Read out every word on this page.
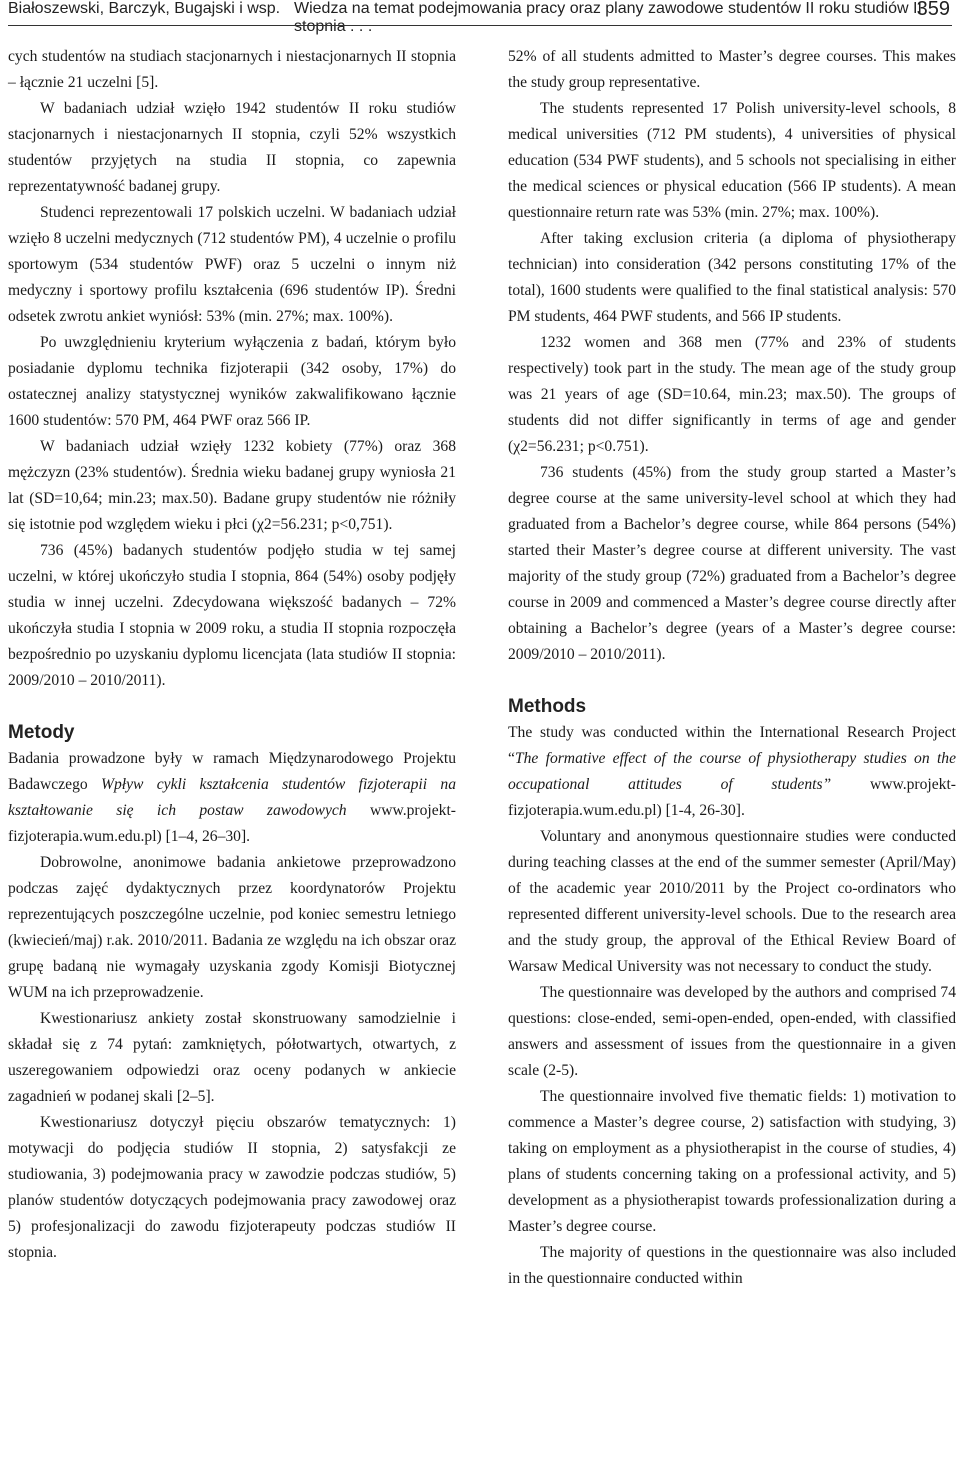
Białoszewski, Barczyk, Bugajski i wsp. Wiedza na temat podejmowania pracy oraz plany zawodowe studentów II roku studiów II stopnia . . .
359

cych studentów na studiach stacjonarnych i niestacjonarnych II stopnia – łącznie 21 uczelni [5].

W badaniach udział wzięło 1942 studentów II roku studiów stacjonarnych i niestacjonarnych II stopnia, czyli 52% wszystkich studentów przyjętych na studia II stopnia, co zapewnia reprezentatywność badanej grupy.

Studenci reprezentowali 17 polskich uczelni. W badaniach udział wzięło 8 uczelni medycznych (712 studentów PM), 4 uczelnie o profilu sportowym (534 studentów PWF) oraz 5 uczelni o innym niż medyczny i sportowy profilu kształcenia (696 studentów IP). Średni odsetek zwrotu ankiet wyniósł: 53% (min. 27%; max. 100%).

Po uwzględnieniu kryterium wyłączenia z badań, którym było posiadanie dyplomu technika fizjoterapii (342 osoby, 17%) do ostatecznej analizy statystycznej wyników zakwalifikowano łącznie 1600 studentów: 570 PM, 464 PWF oraz 566 IP.

W badaniach udział wzięły 1232 kobiety (77%) oraz 368 mężczyzn (23% studentów). Średnia wieku badanej grupy wyniosła 21 lat (SD=10,64; min.23; max.50). Badane grupy studentów nie różniły się istotnie pod względem wieku i płci (χ2=56.231; p<0,751).

736 (45%) badanych studentów podjęło studia w tej samej uczelni, w której ukończyło studia I stopnia, 864 (54%) osoby podjęły studia w innej uczelni. Zdecydowana większość badanych – 72% ukończyła studia I stopnia w 2009 roku, a studia II stopnia rozpoczęła bezpośrednio po uzyskaniu dyplomu licencjata (lata studiów II stopnia: 2009/2010 – 2010/2011).

Metody

Badania prowadzone były w ramach Międzynarodowego Projektu Badawczego Wpływ cykli kształcenia studentów fizjoterapii na kształtowanie się ich postaw zawodowych www.projekt-fizjoterapia.wum.edu.pl) [1–4, 26–30].

Dobrowolne, anonimowe badania ankietowe przeprowadzono podczas zajęć dydaktycznych przez koordynatorów Projektu reprezentujących poszczególne uczelnie, pod koniec semestru letniego (kwiecień/maj) r.ak. 2010/2011. Badania ze względu na ich obszar oraz grupę badaną nie wymagały uzyskania zgody Komisji Biotycznej WUM na ich przeprowadzenie.

Kwestionariusz ankiety został skonstruowany samodzielnie i składał się z 74 pytań: zamkniętych, półotwartych, otwartych, z uszeregowaniem odpowiedzi oraz oceny podanych w ankiecie zagadnień w podanej skali [2–5].

Kwestionariusz dotyczył pięciu obszarów tematycznych: 1) motywacji do podjęcia studiów II stopnia, 2) satysfakcji ze studiowania, 3) podejmowania pracy w zawodzie podczas studiów, 5) planów studentów dotyczących podejmowania pracy zawodowej oraz 5) profesjonalizacji do zawodu fizjoterapeuty podczas studiów II stopnia.

52% of all students admitted to Master’s degree courses. This makes the study group representative.

The students represented 17 Polish university-level schools, 8 medical universities (712 PM students), 4 universities of physical education (534 PWF students), and 5 schools not specialising in either the medical sciences or physical education (566 IP students). A mean questionnaire return rate was 53% (min. 27%; max. 100%).

After taking exclusion criteria (a diploma of physiotherapy technician) into consideration (342 persons constituting 17% of the total), 1600 students were qualified to the final statistical analysis: 570 PM students, 464 PWF students, and 566 IP students.

1232 women and 368 men (77% and 23% of students respectively) took part in the study. The mean age of the study group was 21 years of age (SD=10.64, min.23; max.50). The groups of students did not differ significantly in terms of age and gender (χ2=56.231; p<0.751).

736 students (45%) from the study group started a Master’s degree course at the same university-level school at which they had graduated from a Bachelor’s degree course, while 864 persons (54%) started their Master’s degree course at different university. The vast majority of the study group (72%) graduated from a Bachelor’s degree course in 2009 and commenced a Master’s degree course directly after obtaining a Bachelor’s degree (years of a Master’s degree course: 2009/2010 – 2010/2011).

Methods

The study was conducted within the International Research Project “The formative effect of the course of physiotherapy studies on the occupational attitudes of students” www.projekt-fizjoterapia.wum.edu.pl) [1-4, 26-30].

Voluntary and anonymous questionnaire studies were conducted during teaching classes at the end of the summer semester (April/May) of the academic year 2010/2011 by the Project co-ordinators who represented different university-level schools. Due to the research area and the study group, the approval of the Ethical Review Board of Warsaw Medical University was not necessary to conduct the study.

The questionnaire was developed by the authors and comprised 74 questions: close-ended, semi-open-ended, open-ended, with classified answers and assessment of issues from the questionnaire in a given scale (2-5).

The questionnaire involved five thematic fields: 1) motivation to commence a Master’s degree course, 2) satisfaction with studying, 3) taking on employment as a physiotherapist in the course of studies, 4) plans of students concerning taking on a professional activity, and 5) development as a physiotherapist towards professionalization during a Master’s degree course.

The majority of questions in the questionnaire was also included in the questionnaire conducted within
